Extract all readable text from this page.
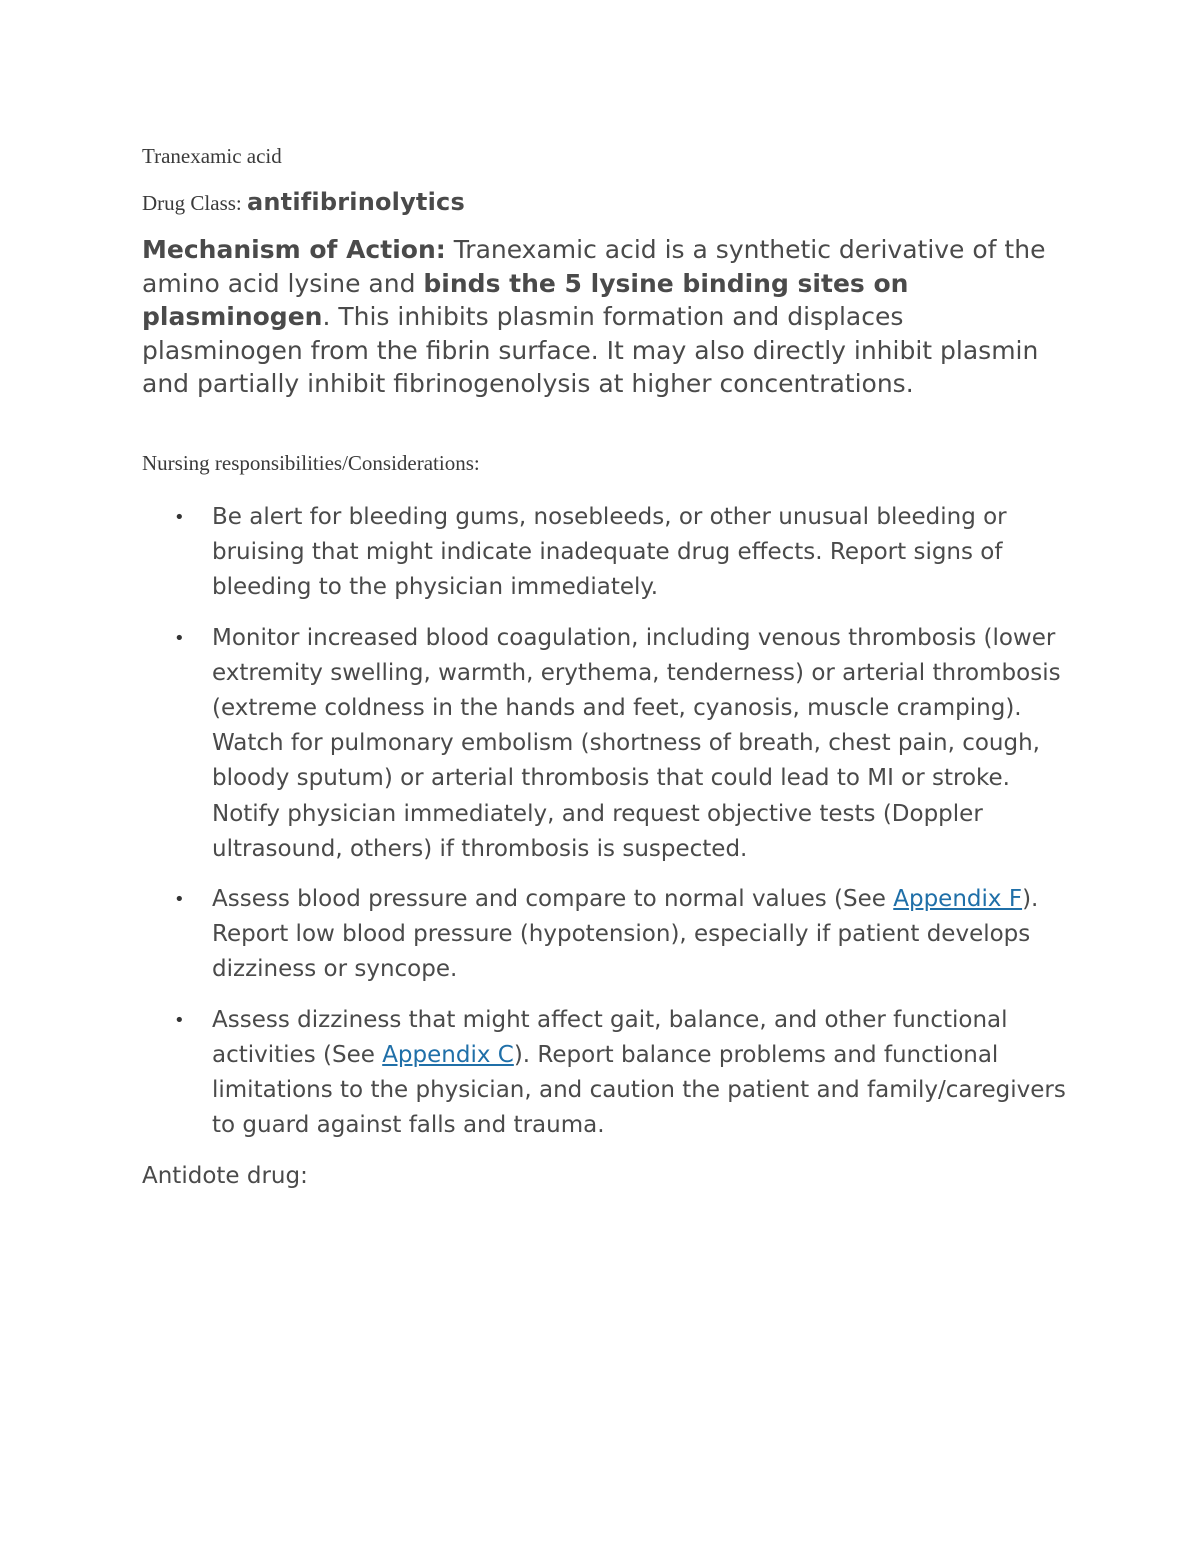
Tranexamic acid

Drug Class: antifibrinolytics

Mechanism of Action: Tranexamic acid is a synthetic derivative of the amino acid lysine and binds the 5 lysine binding sites on plasminogen. This inhibits plasmin formation and displaces plasminogen from the fibrin surface. It may also directly inhibit plasmin and partially inhibit fibrinogenolysis at higher concentrations.

Nursing responsibilities/Considerations:

• Be alert for bleeding gums, nosebleeds, or other unusual bleeding or bruising that might indicate inadequate drug effects. Report signs of bleeding to the physician immediately.
• Monitor increased blood coagulation, including venous thrombosis (lower extremity swelling, warmth, erythema, tenderness) or arterial thrombosis (extreme coldness in the hands and feet, cyanosis, muscle cramping). Watch for pulmonary embolism (shortness of breath, chest pain, cough, bloody sputum) or arterial thrombosis that could lead to MI or stroke. Notify physician immediately, and request objective tests (Doppler ultrasound, others) if thrombosis is suspected.
• Assess blood pressure and compare to normal values (See Appendix F). Report low blood pressure (hypotension), especially if patient develops dizziness or syncope.
• Assess dizziness that might affect gait, balance, and other functional activities (See Appendix C). Report balance problems and functional limitations to the physician, and caution the patient and family/caregivers to guard against falls and trauma.

Antidote drug:
